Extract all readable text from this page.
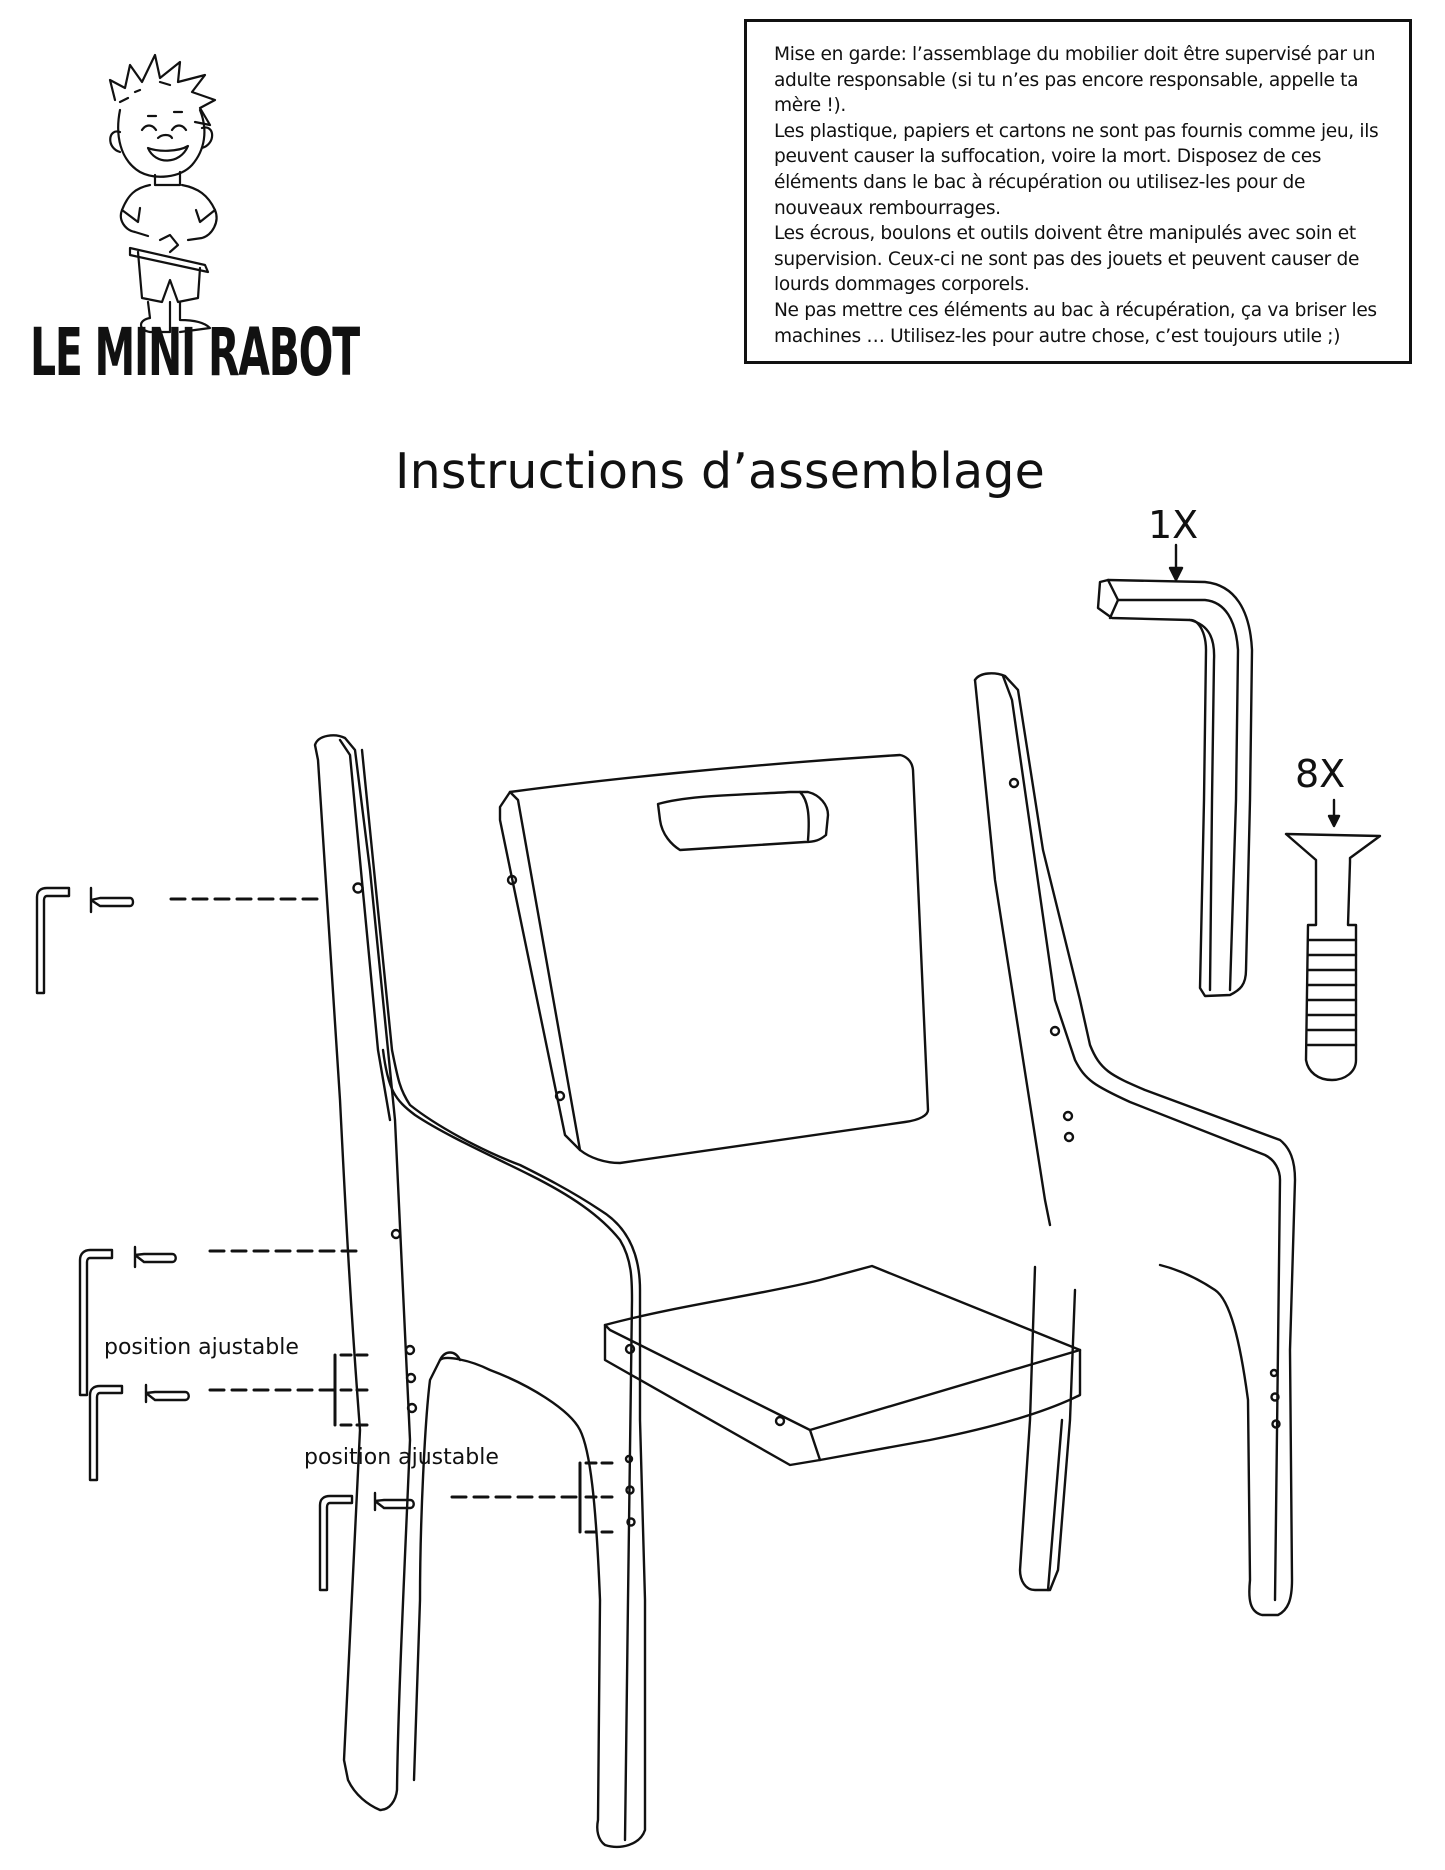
LE MINI RABOT

Mise en garde: l’assemblage du mobilier doit être supervisé par un adulte responsable (si tu n’es pas encore responsable, appelle ta mère !).

Les plastique, papiers et cartons ne sont pas fournis comme jeu, ils peuvent causer la suffocation, voire la mort. Disposez de ces éléments dans le bac à récupération ou utilisez-les pour de nouveaux rembourrages.

Les écrous, boulons et outils doivent être manipulés avec soin et supervision. Ceux-ci ne sont pas des jouets et peuvent causer de lourds dommages corporels.

Ne pas mettre ces éléments au bac à récupération, ça va briser les machines … Utilisez-les pour autre chose, c’est toujours utile ;)

Instructions d’assemblage
1X
8X
position ajustable
position ajustable
